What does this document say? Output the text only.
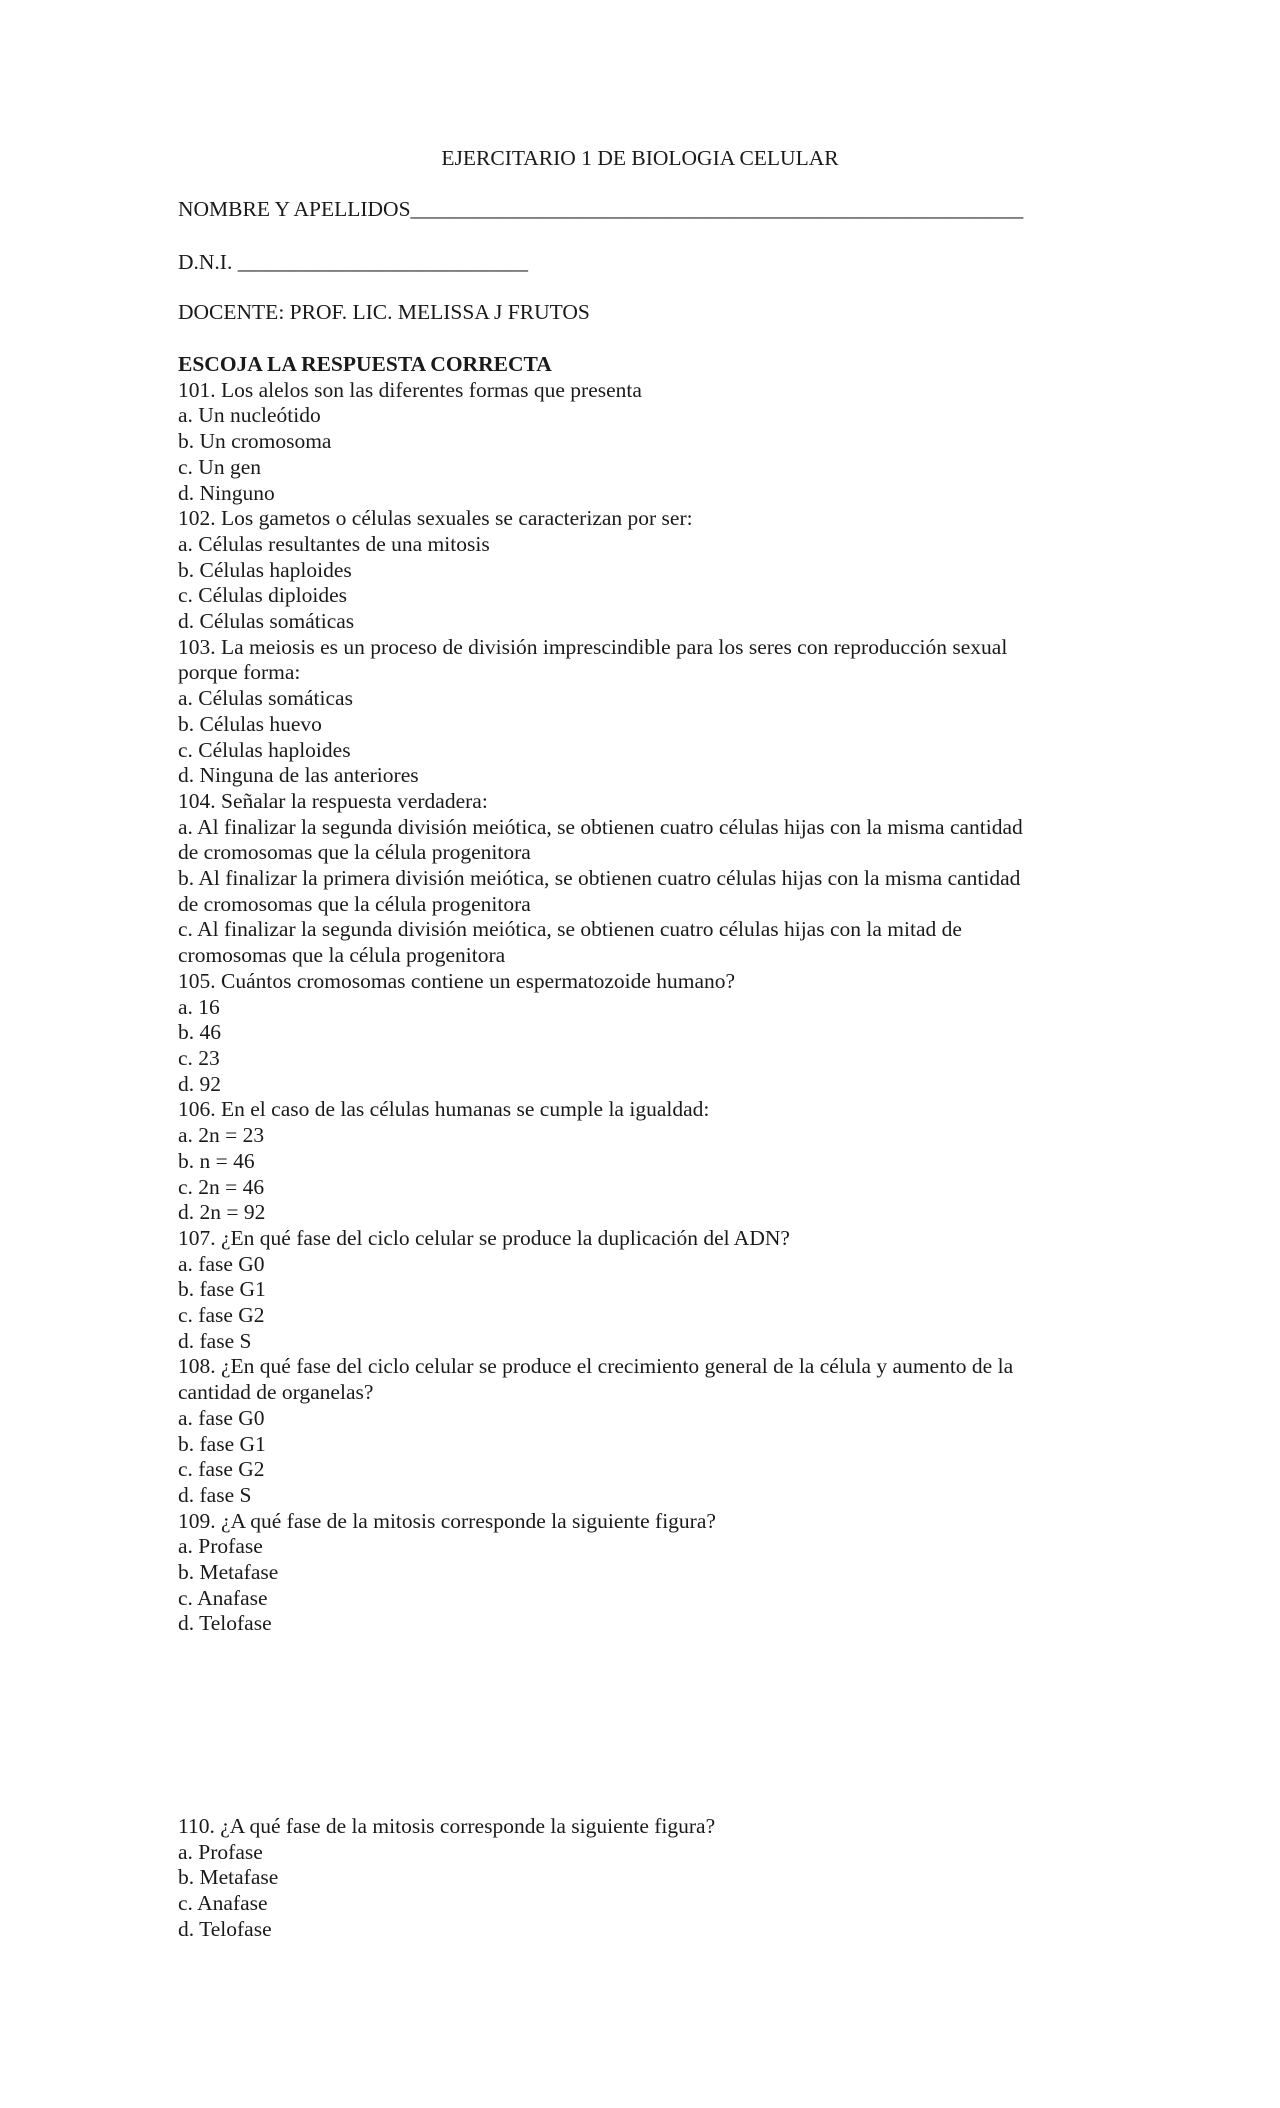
EJERCITARIO 1 DE BIOLOGIA CELULAR
NOMBRE Y APELLIDOS_________________________________________________________
D.N.I. ___________________________
DOCENTE: PROF. LIC. MELISSA J FRUTOS
ESCOJA LA RESPUESTA CORRECTA
101. Los alelos son las diferentes formas que presenta
a. Un nucleótido
b. Un cromosoma
c. Un gen
d. Ninguno
102. Los gametos o células sexuales se caracterizan por ser:
a. Células resultantes de una mitosis
b. Células haploides
c. Células diploides
d. Células somáticas
103. La meiosis es un proceso de división imprescindible para los seres con reproducción sexual
porque forma:
a. Células somáticas
b. Células huevo
c. Células haploides
d. Ninguna de las anteriores
104. Señalar la respuesta verdadera:
a. Al finalizar la segunda división meiótica, se obtienen cuatro células hijas con la misma cantidad
de cromosomas que la célula progenitora
b. Al finalizar la primera división meiótica, se obtienen cuatro células hijas con la misma cantidad
de cromosomas que la célula progenitora
c. Al finalizar la segunda división meiótica, se obtienen cuatro células hijas con la mitad de
cromosomas que la célula progenitora
105. Cuántos cromosomas contiene un espermatozoide humano?
a. 16
b. 46
c. 23
d. 92
106. En el caso de las células humanas se cumple la igualdad:
a. 2n = 23
b. n = 46
c. 2n = 46
d. 2n = 92
107. ¿En qué fase del ciclo celular se produce la duplicación del ADN?
a. fase G0
b. fase G1
c. fase G2
d. fase S
108. ¿En qué fase del ciclo celular se produce el crecimiento general de la célula y aumento de la
cantidad de organelas?
a. fase G0
b. fase G1
c. fase G2
d. fase S
109. ¿A qué fase de la mitosis corresponde la siguiente figura?
a. Profase
b. Metafase
c. Anafase
d. Telofase
110. ¿A qué fase de la mitosis corresponde la siguiente figura?
a. Profase
b. Metafase
c. Anafase
d. Telofase
